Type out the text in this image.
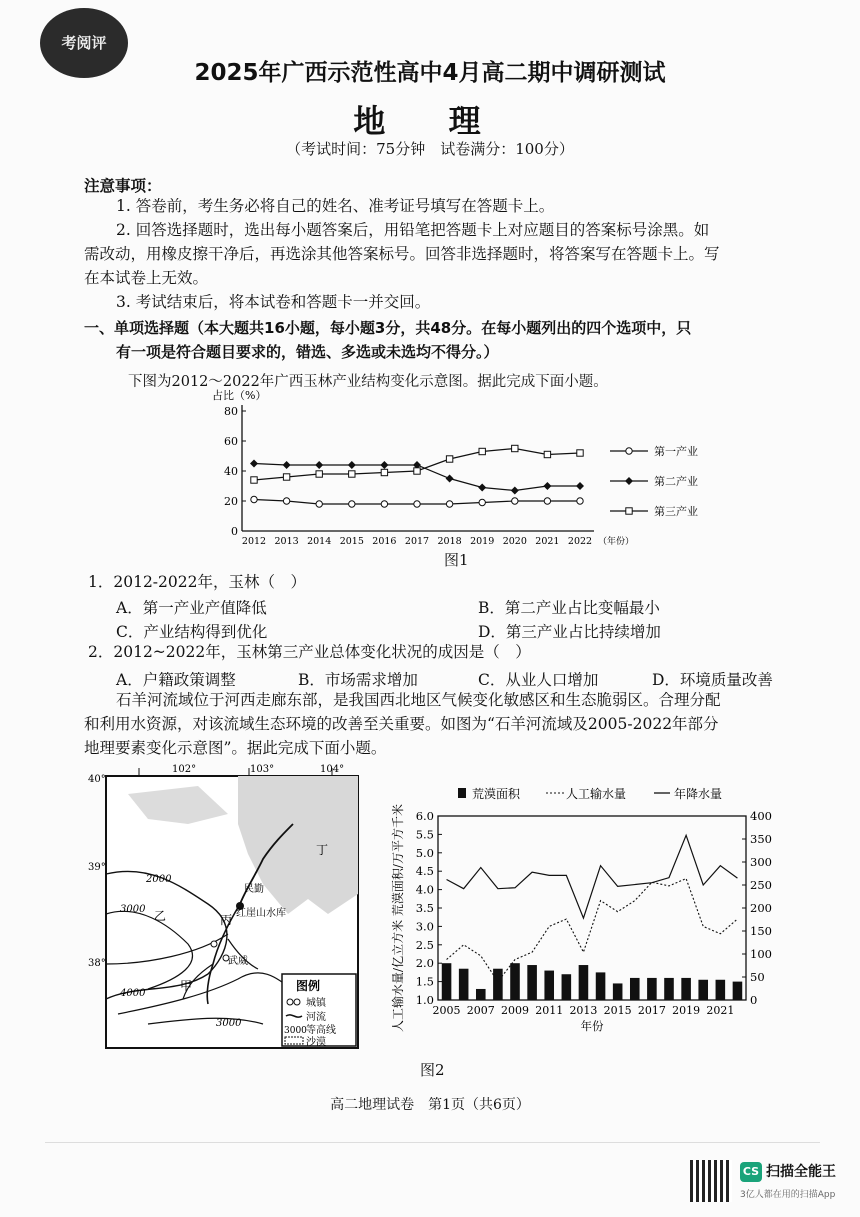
考阅评
2025年广西示范性高中4月高二期中调研测试
地 理
（考试时间：75分钟　试卷满分：100分）
注意事项：
1. 答卷前，考生务必将自己的姓名、准考证号填写在答题卡上。
2. 回答选择题时，选出每小题答案后，用铅笔把答题卡上对应题目的答案标号涂黑。如
需改动，用橡皮擦干净后，再选涂其他答案标号。回答非选择题时，将答案写在答题卡上。写
在本试卷上无效。
3. 考试结束后，将本试卷和答题卡一并交回。
一、单项选择题（本大题共16小题，每小题3分，共48分。在每小题列出的四个选项中，只
有一项是符合题目要求的，错选、多选或未选均不得分。）
下图为2012～2022年广西玉林产业结构变化示意图。据此完成下面小题。
占比（%）
0
20
40
60
80
2012 2013 2014 2015 2016 2017 2018 2019 2020 2021 2022 （年份）
第一产业
第二产业
第三产业
图1
1．2012-2022年，玉林（　）
A．第一产业产值降低	B．第二产业占比变幅最小
C．产业结构得到优化	D．第三产业占比持续增加
2．2012~2022年，玉林第三产业总体变化状况的成因是（　）
A．户籍政策调整	B．市场需求增加	C．从业人口增加	D．环境质量改善
石羊河流域位于河西走廊东部，是我国西北地区气候变化敏感区和生态脆弱区。合理分配
和利用水资源，对该流域生态环境的改善至关重要。如图为“石羊河流域及2005-2022年部分
地理要素变化示意图”。据此完成下面小题。
102°	103°	104°
40°
39°
38°
2000
3000
4000
3000
乙	丙
甲
丁
民勤
红崖山水库
武威
图例
城镇
河流
3000 等高线
沙漠
1.0
1.5
2.0
2.5
3.0
3.5
4.0
4.5
5.0
5.5
6.0
0
50
100
150
200
250
300
350
400
2005 2007 2009 2011 2013 2015 2017 2019 2021
年份
人工输水量/亿立方米 荒漠面积/万平方千米
荒漠面积	人工输水量	年降水量
图2
高二地理试卷　第1页（共6页）
CS 扫描全能王
3亿人都在用的扫描App
